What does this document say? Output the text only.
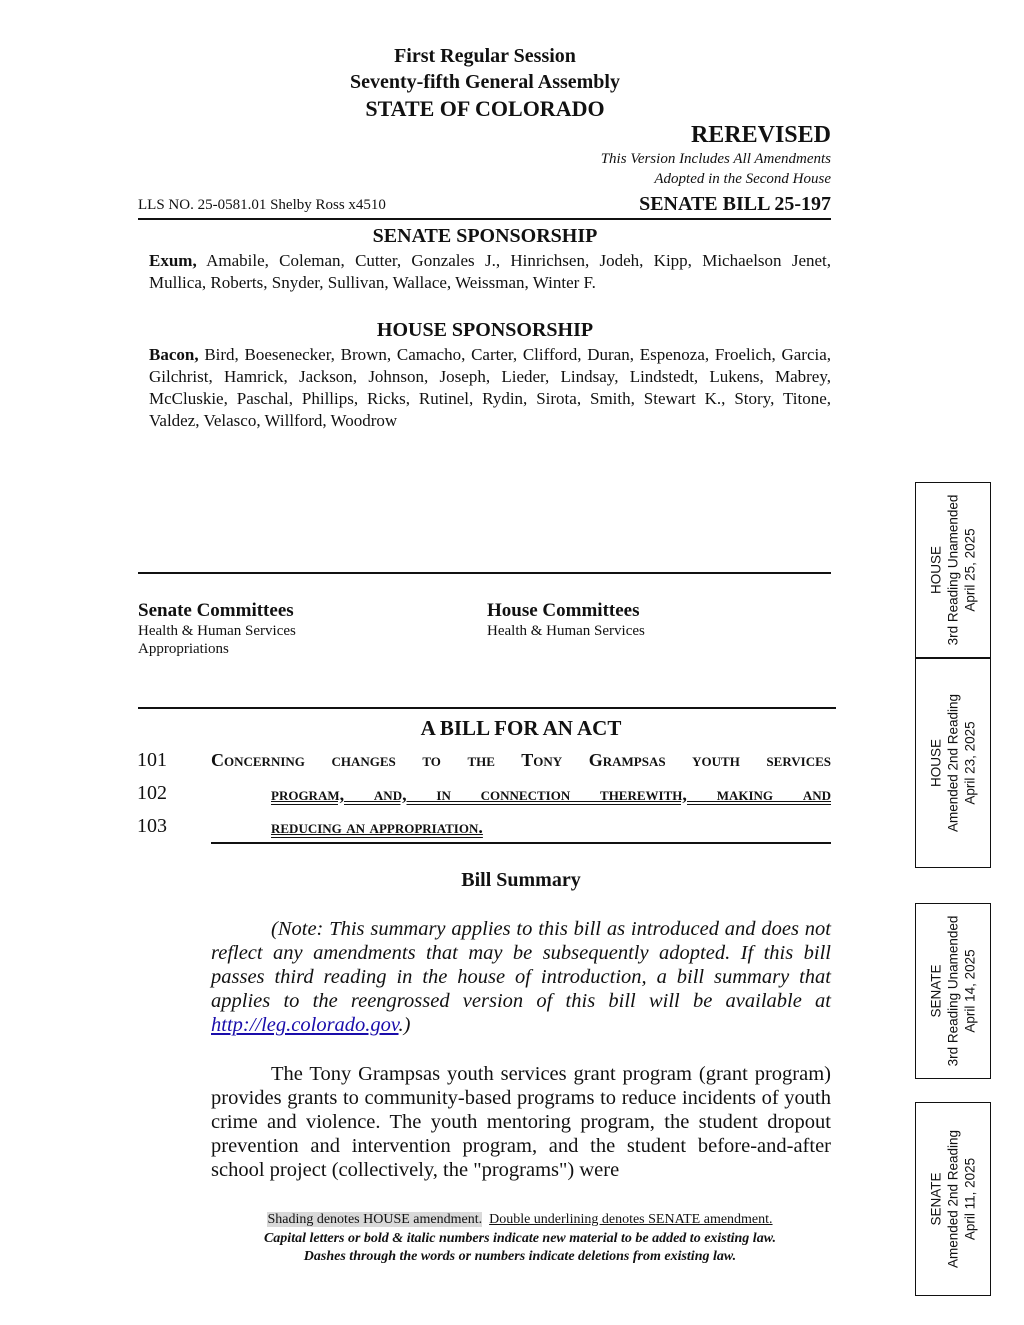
First Regular Session
Seventy-fifth General Assembly
STATE OF COLORADO
REREVISED
This Version Includes All Amendments
Adopted in the Second House
LLS NO. 25-0581.01 Shelby Ross x4510	SENATE BILL 25-197
SENATE SPONSORSHIP
Exum, Amabile, Coleman, Cutter, Gonzales J., Hinrichsen, Jodeh, Kipp, Michaelson Jenet, Mullica, Roberts, Snyder, Sullivan, Wallace, Weissman, Winter F.
HOUSE SPONSORSHIP
Bacon, Bird, Boesenecker, Brown, Camacho, Carter, Clifford, Duran, Espenoza, Froelich, Garcia, Gilchrist, Hamrick, Jackson, Johnson, Joseph, Lieder, Lindsay, Lindstedt, Lukens, Mabrey, McCluskie, Paschal, Phillips, Ricks, Rutinel, Rydin, Sirota, Smith, Stewart K., Story, Titone, Valdez, Velasco, Willford, Woodrow
Senate Committees
Health & Human Services
Appropriations
House Committees
Health & Human Services
A BILL FOR AN ACT
101 Concerning changes to the Tony Grampsas youth services
102	program, and, in connection therewith, making and
103	reducing an appropriation.
Bill Summary
(Note: This summary applies to this bill as introduced and does not reflect any amendments that may be subsequently adopted. If this bill passes third reading in the house of introduction, a bill summary that applies to the reengrossed version of this bill will be available at http://leg.colorado.gov.)
The Tony Grampsas youth services grant program (grant program) provides grants to community-based programs to reduce incidents of youth crime and violence. The youth mentoring program, the student dropout prevention and intervention program, and the student before-and-after school project (collectively, the "programs") were
Shading denotes HOUSE amendment. Double underlining denotes SENATE amendment.
Capital letters or bold & italic numbers indicate new material to be added to existing law.
Dashes through the words or numbers indicate deletions from existing law.
HOUSE 3rd Reading Unamended April 25, 2025
HOUSE Amended 2nd Reading April 23, 2025
SENATE 3rd Reading Unamended April 14, 2025
SENATE Amended 2nd Reading April 11, 2025
